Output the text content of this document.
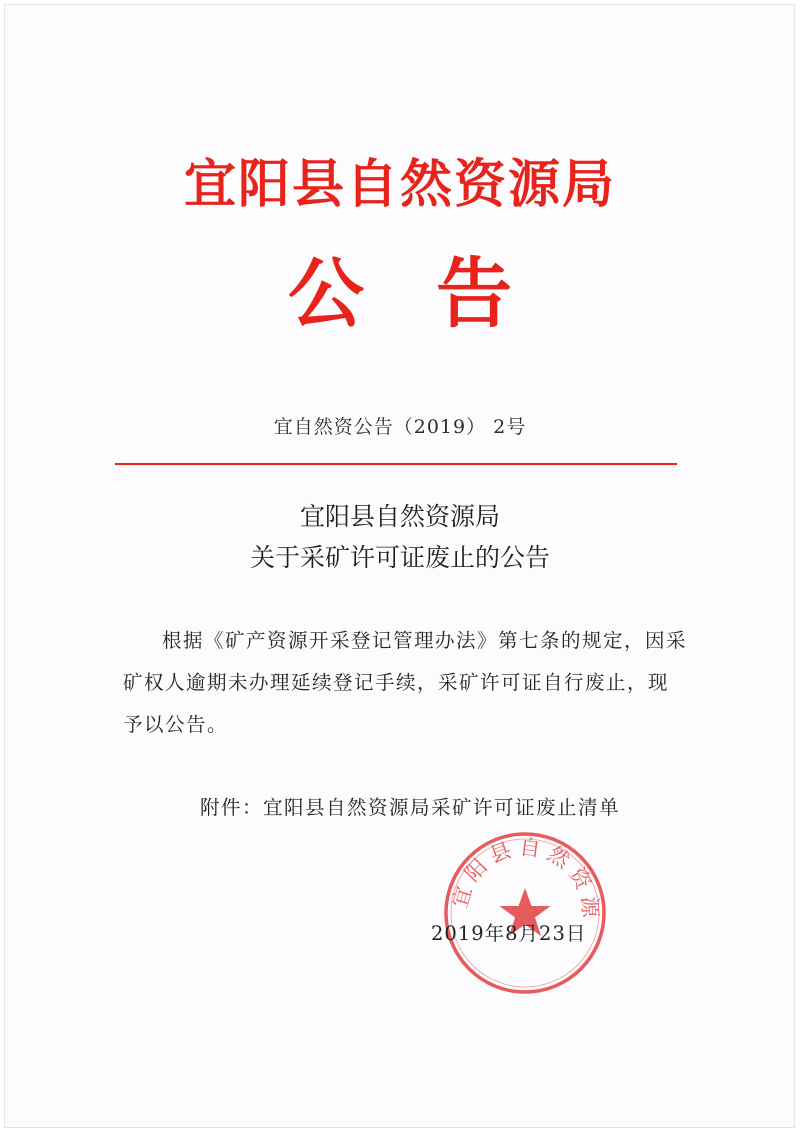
宜阳县自然资源局
公告
宜自然资公告（2019） 2号
宜阳县自然资源局
关于采矿许可证废止的公告

根据《矿产资源开采登记管理办法》第七条的规定，因采矿权人逾期未办理延续登记手续，采矿许可证自行废止，现予以公告。

附件：宜阳县自然资源局采矿许可证废止清单
2019年8月23日
宜阳县自然资源
